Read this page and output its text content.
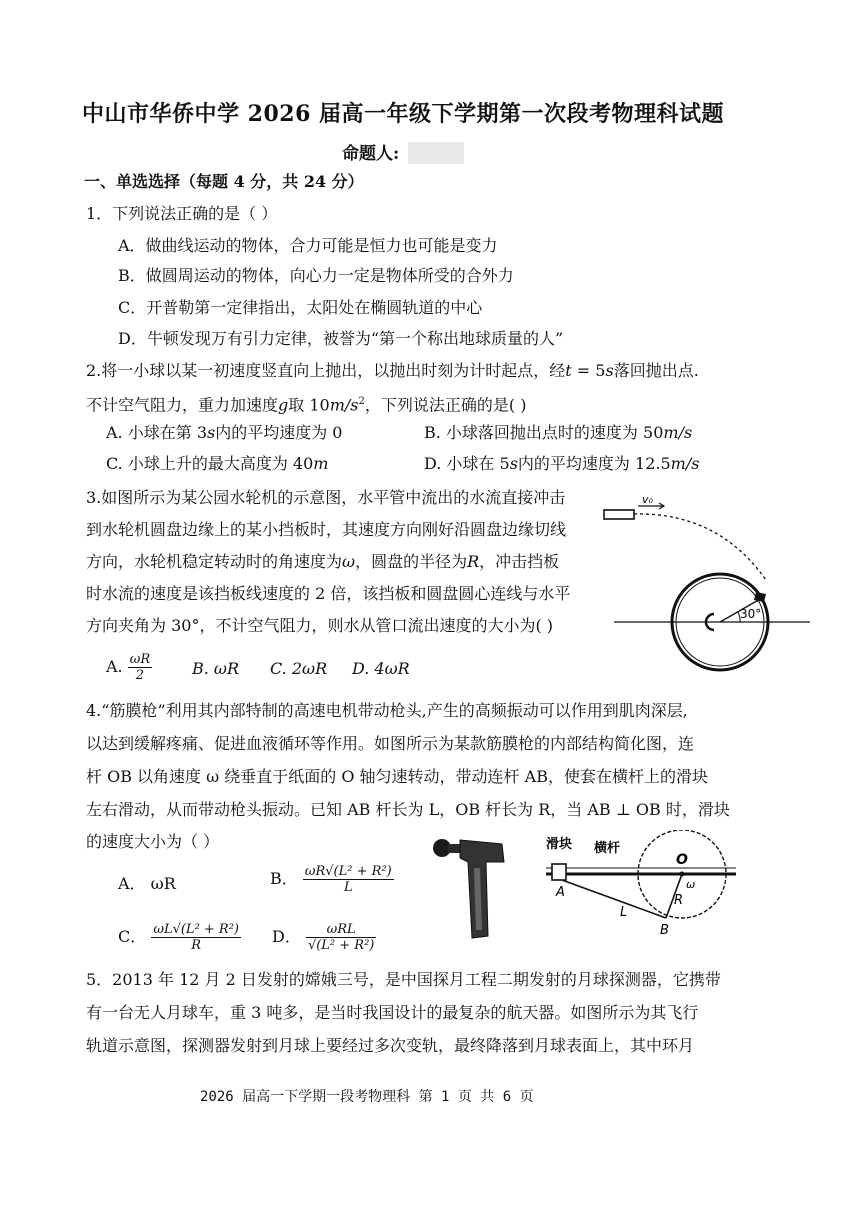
中山市华侨中学 2026 届高一年级下学期第一次段考物理科试题
命题人:
一、单选选择（每题 4 分，共 24 分）
1．下列说法正确的是（ ）
A．做曲线运动的物体，合力可能是恒力也可能是变力
B．做圆周运动的物体，向心力一定是物体所受的合外力
C．开普勒第一定律指出，太阳处在椭圆轨道的中心
D．牛顿发现万有引力定律，被誉为“第一个称出地球质量的人”
2.将一小球以某一初速度竖直向上抛出，以抛出时刻为计时起点，经t = 5s落回抛出点.
不计空气阻力，重力加速度g取 $10m/s^2$，下列说法正确的是( )
A. 小球在第 3s内的平均速度为 0	B. 小球落回抛出点时的速度为 50m/s
C. 小球上升的最大高度为 40m	D. 小球在 5s内的平均速度为 12.5m/s
3.如图所示为某公园水轮机的示意图，水平管中流出的水流直接冲击
到水轮机圆盘边缘上的某小挡板时，其速度方向刚好沿圆盘边缘切线
方向，水轮机稳定转动时的角速度为ω，圆盘的半径为R，冲击挡板
时水流的速度是该挡板线速度的 2 倍，该挡板和圆盘圆心连线与水平
方向夹角为 30°，不计空气阻力，则水从管口流出速度的大小为( )
A. $\frac{\omega R}{2} B$. ωR C. 2ωR D. 4ωR
v₀
30°
4.“筋膜枪”利用其内部特制的高速电机带动枪头,产生的高频振动可以作用到肌肉深层,
以达到缓解疼痛、促进血液循环等作用。如图所示为某款筋膜枪的内部结构简化图，连
杆 OB 以角速度 ω 绕垂直于纸面的 O 轴匀速转动，带动连杆 AB，使套在横杆上的滑块
左右滑动，从而带动枪头振动。已知 AB 杆长为 L，OB 杆长为 R，当 AB ⊥ OB 时，滑块
的速度大小为（ ）
A． ωR	B． $\frac{\text{ωR√(L² + R²)}}{L}$
C． $\frac{\text{ωL√(L² + R²)}}{R}$ D． $\frac{\text{ωRL}}{\text{√(L² + R²)}}$
滑块 横杆
O
ω
A
B
L
R
5．2013 年 12 月 2 日发射的嫦娥三号，是中国探月工程二期发射的月球探测器，它携带
有一台无人月球车，重 3 吨多，是当时我国设计的最复杂的航天器。如图所示为其飞行
轨道示意图，探测器发射到月球上要经过多次变轨，最终降落到月球表面上，其中环月
2026 届高一下学期一段考物理科 第 1 页 共 6 页
